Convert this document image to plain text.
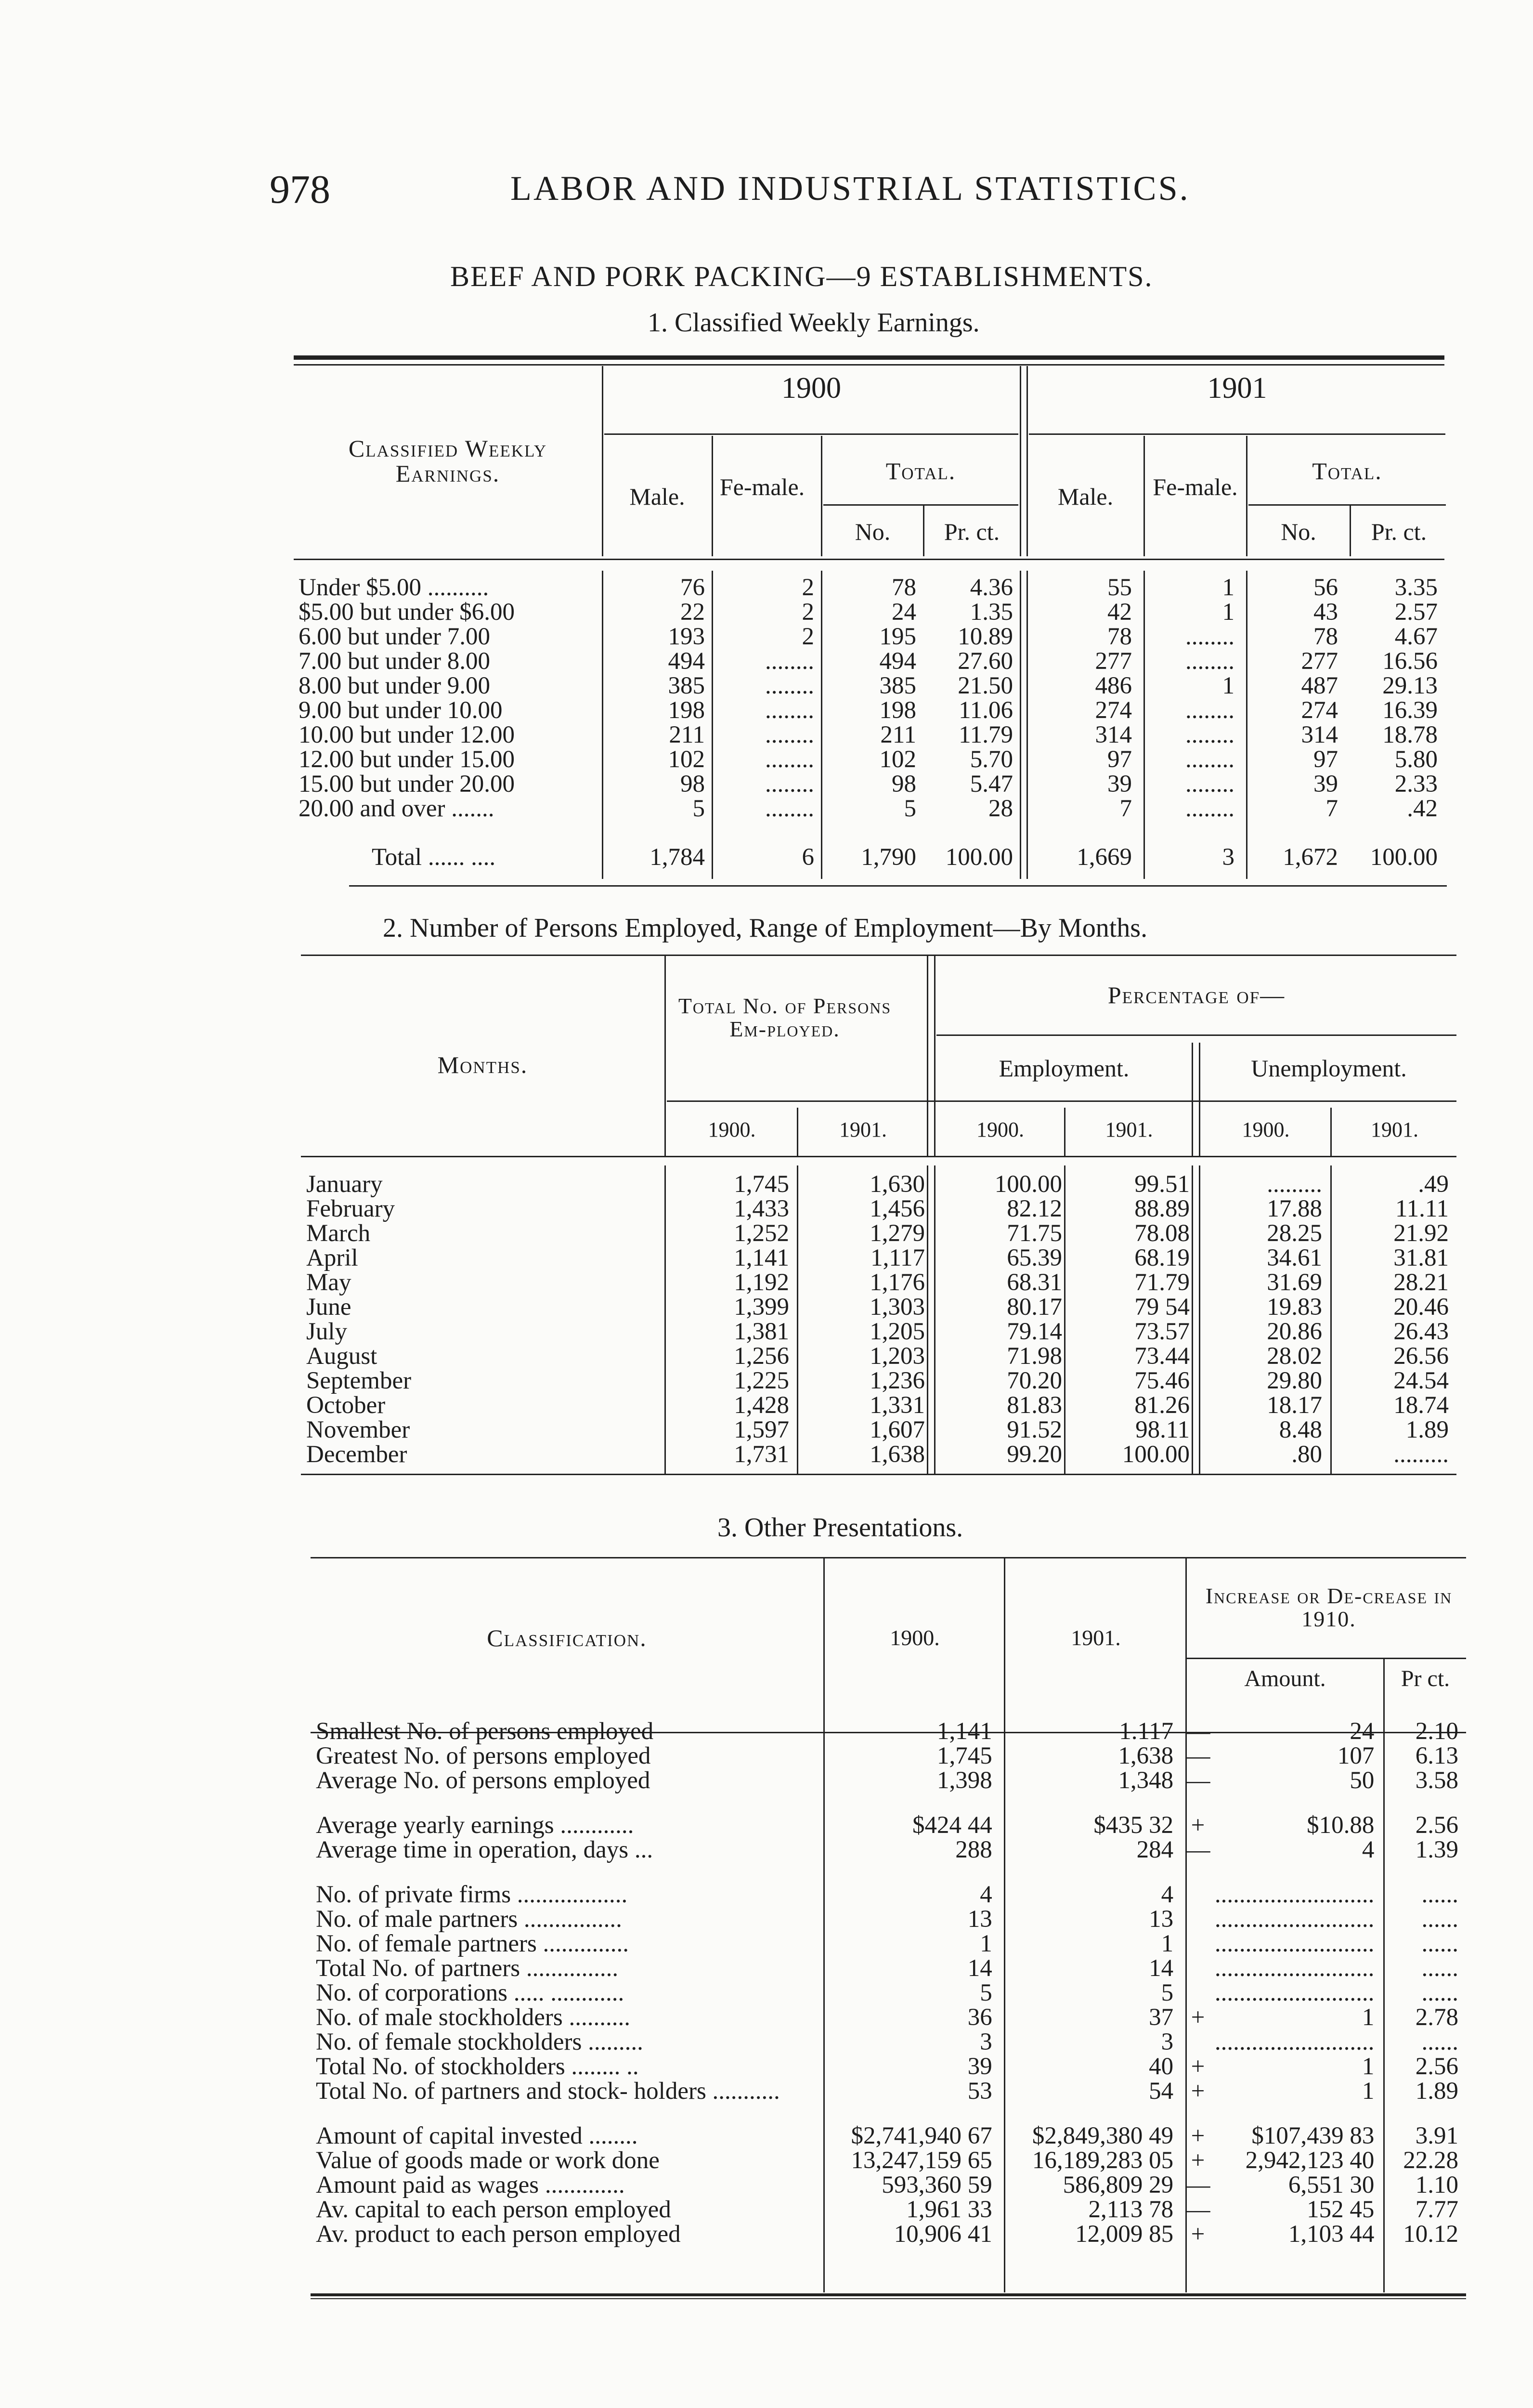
978	LABOR AND INDUSTRIAL STATISTICS.
BEEF AND PORK PACKING—9 ESTABLISHMENTS.
1. Classified Weekly Earnings.
Classified Weekly Earnings.
1900	1901
Male.	Fe-male.
Total.
No.	Pr. ct.
Male.	Fe-male.
Total.
No.	Pr. ct.
Under $5.00 ..........	76	2	78	4.36	55	1	56	3.35
$5.00 but under $6.00	22	2	24	1.35	42	1	43	2.57
6.00 but under 7.00	193	2	195	10.89	78	........	78	4.67
7.00 but under 8.00	494	........	494	27.60	277	........	277	16.56
8.00 but under 9.00	385	........	385	21.50	486	1	487	29.13
9.00 but under 10.00	198	........	198	11.06	274	........	274	16.39
10.00 but under 12.00	211	........	211	11.79	314	........	314	18.78
12.00 but under 15.00	102	........	102	5.70	97	........	97	5.80
15.00 but under 20.00	98	........	98	5.47	39	........	39	2.33
20.00 and over .......	5	........	5	28	7	........	7	.42
Total ...... ....	1,784	6	1,790	100.00	1,669	3	1,672	100.00
2. Number of Persons Employed, Range of Employment—By Months.
Months.
Total No. of Persons Em-ployed.
Percentage of—
Employment.	Unemployment.
1900.	1901.	1900.	1901.	1900.	1901.
January	1,745	1,630	100.00	99.51	.........	.49
February	1,433	1,456	82.12	88.89	17.88	11.11
March	1,252	1,279	71.75	78.08	28.25	21.92
April	1,141	1,117	65.39	68.19	34.61	31.81
May	1,192	1,176	68.31	71.79	31.69	28.21
June	1,399	1,303	80.17	79 54	19.83	20.46
July	1,381	1,205	79.14	73.57	20.86	26.43
August	1,256	1,203	71.98	73.44	28.02	26.56
September	1,225	1,236	70.20	75.46	29.80	24.54
October	1,428	1,331	81.83	81.26	18.17	18.74
November	1,597	1,607	91.52	98.11	8.48	1.89
December	1,731	1,638	99.20	100.00	.80	.........
3. Other Presentations.
Classification.	1900.	1901.
Increase or De-crease in 1910.
Amount.	Pr ct.
Smallest No. of persons employed	1,141	1.117	—	24	2.10
Greatest No. of persons employed	1,745	1,638	—	107	6.13
Average No. of persons employed	1,398	1,348	—	50	3.58

Average yearly earnings ............	$424 44	$435 32	+	$10.88	2.56
Average time in operation, days ...	288	284	—	4	1.39

No. of private firms ..................	4	4		..........................	......
No. of male partners ................	13	13		..........................	......
No. of female partners ..............	1	1		..........................	......
Total No. of partners ...............	14	14		..........................	......
No. of corporations ..... ............	5	5		..........................	......
No. of male stockholders ..........	36	37	+	1	2.78
No. of female stockholders .........	3	3		..........................	......
Total No. of stockholders ........ ..	39	40	+	1	2.56
Total No. of partners and stock- holders ...........	53	54	+	1	1.89

Amount of capital invested ........	$2,741,940 67	$2,849,380 49	+	$107,439 83	3.91
Value of goods made or work done	13,247,159 65	16,189,283 05	+	2,942,123 40	22.28
Amount paid as wages .............	593,360 59	586,809 29	—	6,551 30	1.10
Av. capital to each person employed	1,961 33	2,113 78	—	152 45	7.77
Av. product to each person employed	10,906 41	12,009 85	+	1,103 44	10.12
